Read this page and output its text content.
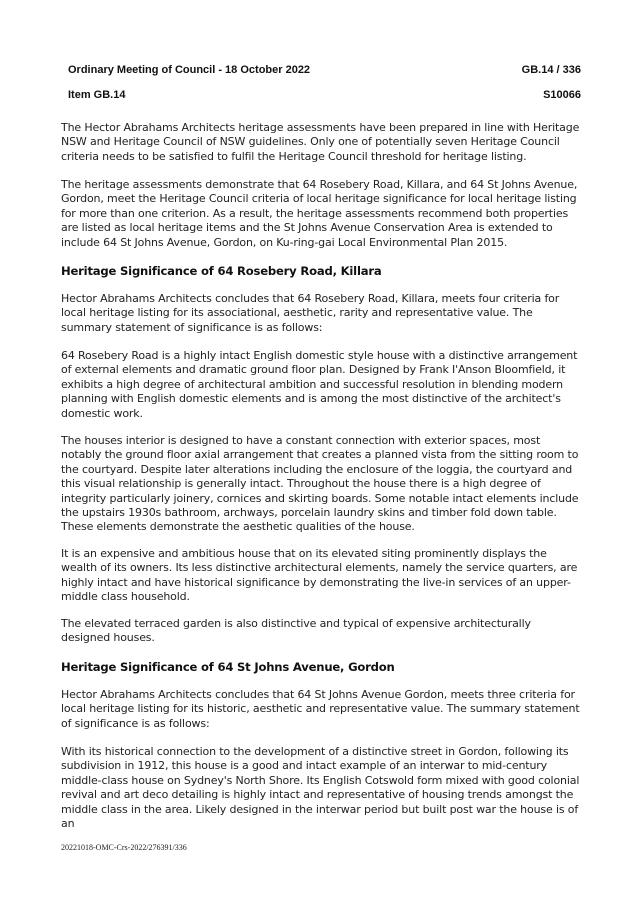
Ordinary Meeting of Council - 18 October 2022	GB.14 / 336
Item GB.14	S10066

The Hector Abrahams Architects heritage assessments have been prepared in line with Heritage NSW and Heritage Council of NSW guidelines. Only one of potentially seven Heritage Council criteria needs to be satisfied to fulfil the Heritage Council threshold for heritage listing.

The heritage assessments demonstrate that 64 Rosebery Road, Killara, and 64 St Johns Avenue, Gordon, meet the Heritage Council criteria of local heritage significance for local heritage listing for more than one criterion. As a result, the heritage assessments recommend both properties are listed as local heritage items and the St Johns Avenue Conservation Area is extended to include 64 St Johns Avenue, Gordon, on Ku-ring-gai Local Environmental Plan 2015.

Heritage Significance of 64 Rosebery Road, Killara

Hector Abrahams Architects concludes that 64 Rosebery Road, Killara, meets four criteria for local heritage listing for its associational, aesthetic, rarity and representative value. The summary statement of significance is as follows:

64 Rosebery Road is a highly intact English domestic style house with a distinctive arrangement of external elements and dramatic ground floor plan. Designed by Frank I'Anson Bloomfield, it exhibits a high degree of architectural ambition and successful resolution in blending modern planning with English domestic elements and is among the most distinctive of the architect's domestic work.

The houses interior is designed to have a constant connection with exterior spaces, most notably the ground floor axial arrangement that creates a planned vista from the sitting room to the courtyard. Despite later alterations including the enclosure of the loggia, the courtyard and this visual relationship is generally intact. Throughout the house there is a high degree of integrity particularly joinery, cornices and skirting boards. Some notable intact elements include the upstairs 1930s bathroom, archways, porcelain laundry skins and timber fold down table. These elements demonstrate the aesthetic qualities of the house.

It is an expensive and ambitious house that on its elevated siting prominently displays the wealth of its owners. Its less distinctive architectural elements, namely the service quarters, are highly intact and have historical significance by demonstrating the live-in services of an upper-middle class household.

The elevated terraced garden is also distinctive and typical of expensive architecturally designed houses.

Heritage Significance of 64 St Johns Avenue, Gordon

Hector Abrahams Architects concludes that 64 St Johns Avenue Gordon, meets three criteria for local heritage listing for its historic, aesthetic and representative value. The summary statement of significance is as follows:

With its historical connection to the development of a distinctive street in Gordon, following its subdivision in 1912, this house is a good and intact example of an interwar to mid-century middle-class house on Sydney's North Shore. Its English Cotswold form mixed with good colonial revival and art deco detailing is highly intact and representative of housing trends amongst the middle class in the area. Likely designed in the interwar period but built post war the house is of an

20221018-OMC-Crs-2022/276391/336
